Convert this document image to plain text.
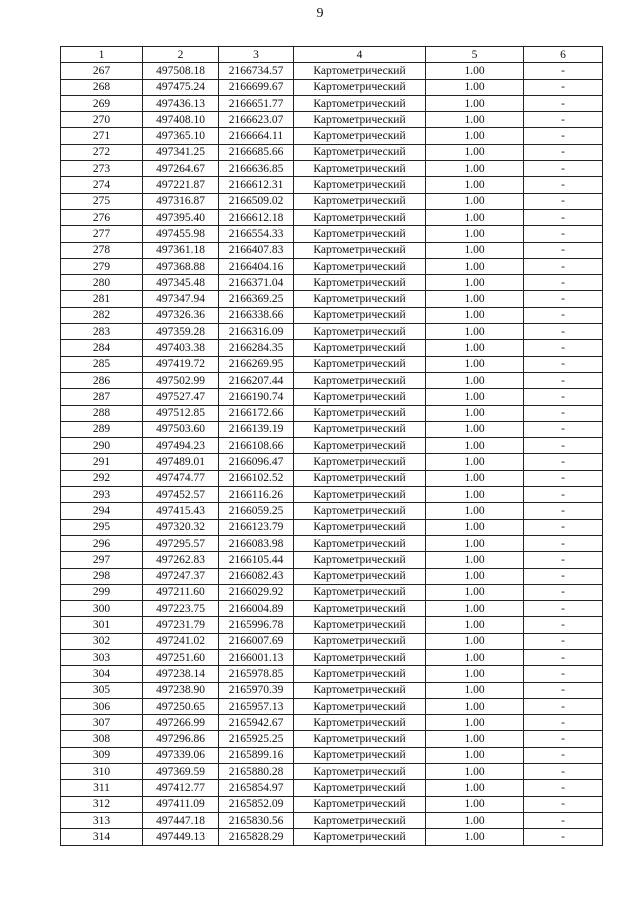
9
1	2	3	4	5	6
267	497508.18	2166734.57	Картометрический	1.00	-
268	497475.24	2166699.67	Картометрический	1.00	-
269	497436.13	2166651.77	Картометрический	1.00	-
270	497408.10	2166623.07	Картометрический	1.00	-
271	497365.10	2166664.11	Картометрический	1.00	-
272	497341.25	2166685.66	Картометрический	1.00	-
273	497264.67	2166636.85	Картометрический	1.00	-
274	497221.87	2166612.31	Картометрический	1.00	-
275	497316.87	2166509.02	Картометрический	1.00	-
276	497395.40	2166612.18	Картометрический	1.00	-
277	497455.98	2166554.33	Картометрический	1.00	-
278	497361.18	2166407.83	Картометрический	1.00	-
279	497368.88	2166404.16	Картометрический	1.00	-
280	497345.48	2166371.04	Картометрический	1.00	-
281	497347.94	2166369.25	Картометрический	1.00	-
282	497326.36	2166338.66	Картометрический	1.00	-
283	497359.28	2166316.09	Картометрический	1.00	-
284	497403.38	2166284.35	Картометрический	1.00	-
285	497419.72	2166269.95	Картометрический	1.00	-
286	497502.99	2166207.44	Картометрический	1.00	-
287	497527.47	2166190.74	Картометрический	1.00	-
288	497512.85	2166172.66	Картометрический	1.00	-
289	497503.60	2166139.19	Картометрический	1.00	-
290	497494.23	2166108.66	Картометрический	1.00	-
291	497489.01	2166096.47	Картометрический	1.00	-
292	497474.77	2166102.52	Картометрический	1.00	-
293	497452.57	2166116.26	Картометрический	1.00	-
294	497415.43	2166059.25	Картометрический	1.00	-
295	497320.32	2166123.79	Картометрический	1.00	-
296	497295.57	2166083.98	Картометрический	1.00	-
297	497262.83	2166105.44	Картометрический	1.00	-
298	497247.37	2166082.43	Картометрический	1.00	-
299	497211.60	2166029.92	Картометрический	1.00	-
300	497223.75	2166004.89	Картометрический	1.00	-
301	497231.79	2165996.78	Картометрический	1.00	-
302	497241.02	2166007.69	Картометрический	1.00	-
303	497251.60	2166001.13	Картометрический	1.00	-
304	497238.14	2165978.85	Картометрический	1.00	-
305	497238.90	2165970.39	Картометрический	1.00	-
306	497250.65	2165957.13	Картометрический	1.00	-
307	497266.99	2165942.67	Картометрический	1.00	-
308	497296.86	2165925.25	Картометрический	1.00	-
309	497339.06	2165899.16	Картометрический	1.00	-
310	497369.59	2165880.28	Картометрический	1.00	-
311	497412.77	2165854.97	Картометрический	1.00	-
312	497411.09	2165852.09	Картометрический	1.00	-
313	497447.18	2165830.56	Картометрический	1.00	-
314	497449.13	2165828.29	Картометрический	1.00	-
